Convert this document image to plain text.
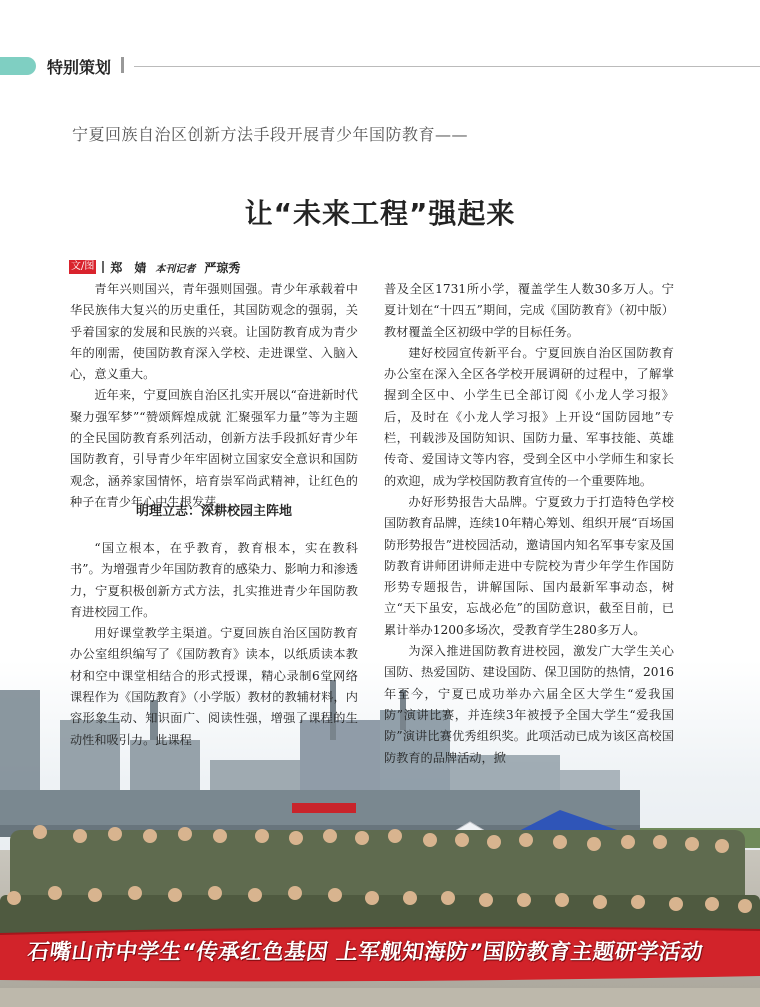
特别策划
宁夏回族自治区创新方法手段开展青少年国防教育——
让“未来工程”强起来
文/图 郑　婧 本刊记者 严琼秀
石嘴山市中学生“传承红色基因 上军舰知海防”国防教育主题研学活动

青年兴则国兴，青年强则国强。青少年承载着中华民族伟大复兴的历史重任，其国防观念的强弱，关乎着国家的发展和民族的兴衰。让国防教育成为青少年的刚需，使国防教育深入学校、走进课堂、入脑入心，意义重大。

近年来，宁夏回族自治区扎实开展以“奋进新时代 聚力强军梦”“赞颂辉煌成就 汇聚强军力量”等为主题的全民国防教育系列活动，创新方法手段抓好青少年国防教育，引导青少年牢固树立国家安全意识和国防观念，涵养家国情怀，培育崇军尚武精神，让红色的种子在青少年心中生根发芽。

明理立志：深耕校园主阵地

“国立根本，在乎教育，教育根本，实在教科书”。为增强青少年国防教育的感染力、影响力和渗透力，宁夏积极创新方式方法，扎实推进青少年国防教育进校园工作。

用好课堂教学主渠道。宁夏回族自治区国防教育办公室组织编写了《国防教育》读本，以纸质读本教材和空中课堂相结合的形式授课，精心录制6堂网络课程作为《国防教育》（小学版）教材的教辅材料，内容形象生动、知识面广、阅读性强，增强了课程的生动性和吸引力。此课程

普及全区1731所小学，覆盖学生人数30多万人。宁夏计划在“十四五”期间，完成《国防教育》（初中版）教材覆盖全区初级中学的目标任务。

建好校园宣传新平台。宁夏回族自治区国防教育办公室在深入全区各学校开展调研的过程中，了解掌握到全区中、小学生已全部订阅《小龙人学习报》后，及时在《小龙人学习报》上开设“国防园地”专栏，刊载涉及国防知识、国防力量、军事技能、英雄传奇、爱国诗文等内容，受到全区中小学师生和家长的欢迎，成为学校国防教育宣传的一个重要阵地。

办好形势报告大品牌。宁夏致力于打造特色学校国防教育品牌，连续10年精心筹划、组织开展“百场国防形势报告”进校园活动，邀请国内知名军事专家及国防教育讲师团讲师走进中专院校为青少年学生作国防形势专题报告，讲解国际、国内最新军事动态，树立“天下虽安，忘战必危”的国防意识，截至目前，已累计举办1200多场次，受教育学生280多万人。

为深入推进国防教育进校园，激发广大学生关心国防、热爱国防、建设国防、保卫国防的热情，2016年至今，宁夏已成功举办六届全区大学生“爱我国防”演讲比赛，并连续3年被授予全国大学生“爱我国防”演讲比赛优秀组织奖。此项活动已成为该区高校国防教育的品牌活动，掀
